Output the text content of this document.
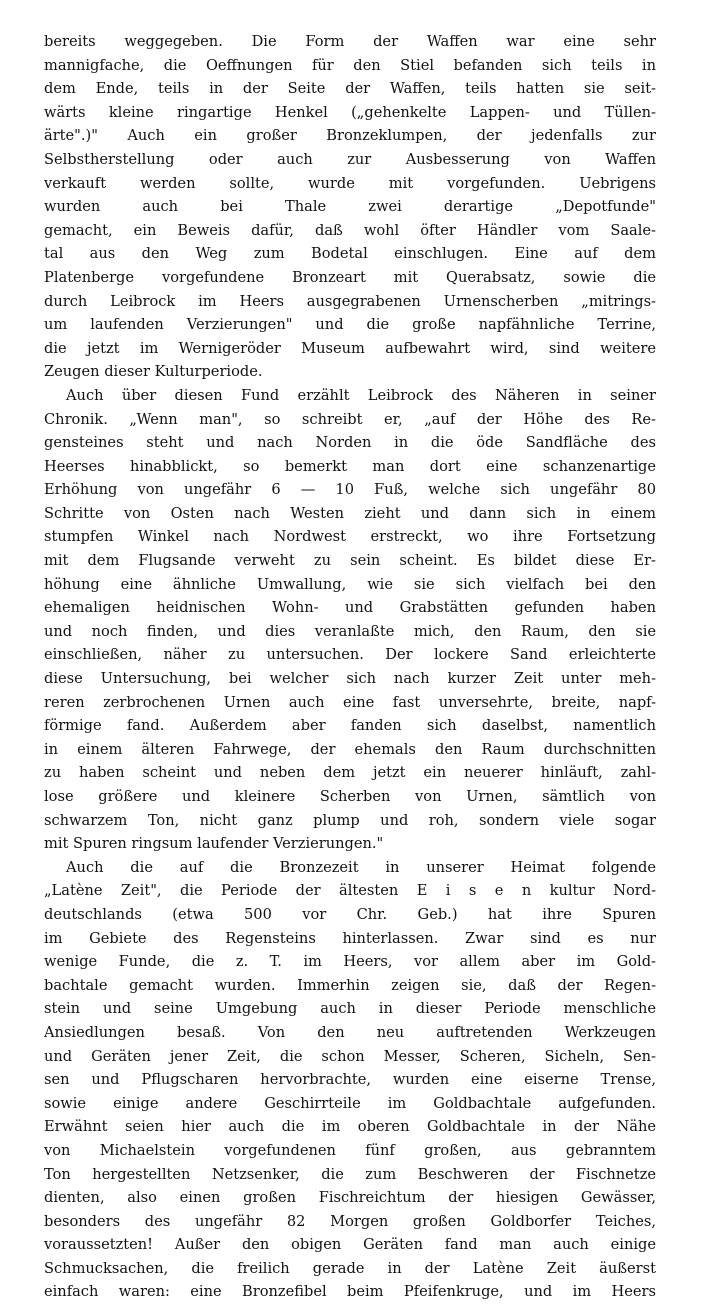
bereits weggegeben. Die Form der Waffen war eine sehr
mannigfache, die Oeffnungen für den Stiel befanden sich teils in
dem Ende, teils in der Seite der Waffen, teils hatten sie seit-
wärts kleine ringartige Henkel („gehenkelte Lappen- und Tüllen-
ärte".)" Auch ein großer Bronzeklumpen, der jedenfalls zur
Selbstherstellung oder auch zur Ausbesserung von Waffen
verkauft werden sollte, wurde mit vorgefunden. Uebrigens
wurden auch bei Thale zwei derartige „Depotfunde"
gemacht, ein Beweis dafür, daß wohl öfter Händler vom Saale-
tal aus den Weg zum Bodetal einschlugen. Eine auf dem
Platenberge vorgefundene Bronzeart mit Querabsatz, sowie die
durch Leibrock im Heers ausgegrabenen Urnenscherben „mitrings-
um laufenden Verzierungen" und die große napfähnliche Terrine,
die jetzt im Wernigeröder Museum aufbewahrt wird, sind weitere
Zeugen dieser Kulturperiode.
Auch über diesen Fund erzählt Leibrock des Näheren in seiner
Chronik. „Wenn man", so schreibt er, „auf der Höhe des Re-
gensteines steht und nach Norden in die öde Sandfläche des
Heerses hinabblickt, so bemerkt man dort eine schanzenartige
Erhöhung von ungefähr 6 — 10 Fuß, welche sich ungefähr 80
Schritte von Osten nach Westen zieht und dann sich in einem
stumpfen Winkel nach Nordwest erstreckt, wo ihre Fortsetzung
mit dem Flugsande verweht zu sein scheint. Es bildet diese Er-
höhung eine ähnliche Umwallung, wie sie sich vielfach bei den
ehemaligen heidnischen Wohn- und Grabstätten gefunden haben
und noch finden, und dies veranlaßte mich, den Raum, den sie
einschließen, näher zu untersuchen. Der lockere Sand erleichterte
diese Untersuchung, bei welcher sich nach kurzer Zeit unter meh-
reren zerbrochenen Urnen auch eine fast unversehrte, breite, napf-
förmige fand. Außerdem aber fanden sich daselbst, namentlich
in einem älteren Fahrwege, der ehemals den Raum durchschnitten
zu haben scheint und neben dem jetzt ein neuerer hinläuft, zahl-
lose größere und kleinere Scherben von Urnen, sämtlich von
schwarzem Ton, nicht ganz plump und roh, sondern viele sogar
mit Spuren ringsum laufender Verzierungen."
Auch die auf die Bronzezeit in unserer Heimat folgende
„Latène Zeit", die Periode der ältesten E i s e n kultur Nord-
deutschlands (etwa 500 vor Chr. Geb.) hat ihre Spuren
im Gebiete des Regensteins hinterlassen. Zwar sind es nur
wenige Funde, die z. T. im Heers, vor allem aber im Gold-
bachtale gemacht wurden. Immerhin zeigen sie, daß der Regen-
stein und seine Umgebung auch in dieser Periode menschliche
Ansiedlungen besaß. Von den neu auftretenden Werkzeugen
und Geräten jener Zeit, die schon Messer, Scheren, Sicheln, Sen-
sen und Pflugscharen hervorbrachte, wurden eine eiserne Trense,
sowie einige andere Geschirrteile im Goldbachtale aufgefunden.
Erwähnt seien hier auch die im oberen Goldbachtale in der Nähe
von Michaelstein vorgefundenen fünf großen, aus gebranntem
Ton hergestellten Netzsenker, die zum Beschweren der Fischnetze
dienten, also einen großen Fischreichtum der hiesigen Gewässer,
besonders des ungefähr 82 Morgen großen Goldborfer Teiches,
voraussetzten! Außer den obigen Geräten fand man auch einige
Schmucksachen, die freilich gerade in der Latène Zeit äußerst
einfach waren: eine Bronzefibel beim Pfeifenkruge, und im Heers
